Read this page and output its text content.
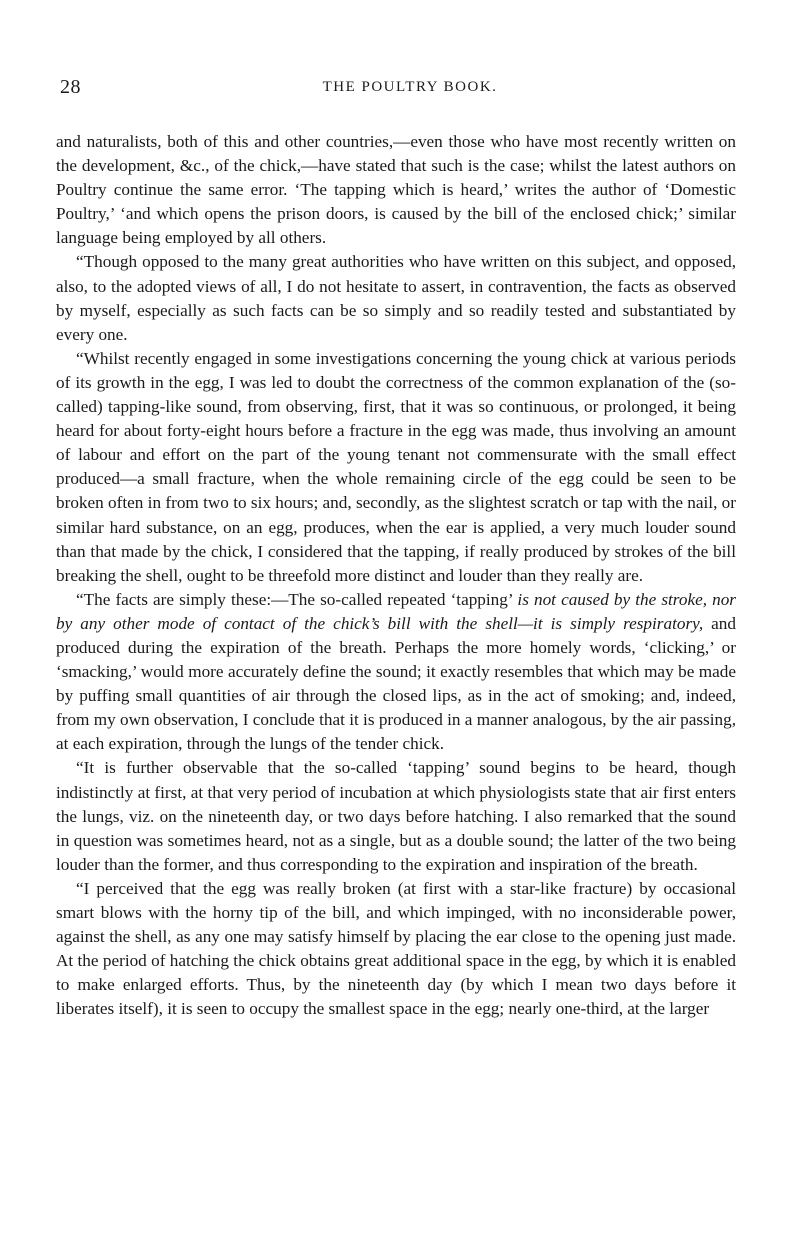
28	THE POULTRY BOOK.

and naturalists, both of this and other countries,—even those who have most recently written on the development, &c., of the chick,—have stated that such is the case; whilst the latest authors on Poultry continue the same error. ‘The tapping which is heard,’ writes the author of ‘Domestic Poultry,’ ‘and which opens the prison doors, is caused by the bill of the enclosed chick;’ similar language being employed by all others.

“Though opposed to the many great authorities who have written on this subject, and opposed, also, to the adopted views of all, I do not hesitate to assert, in contravention, the facts as observed by myself, especially as such facts can be so simply and so readily tested and substantiated by every one.

“Whilst recently engaged in some investigations concerning the young chick at various periods of its growth in the egg, I was led to doubt the correctness of the common explanation of the (so-called) tapping-like sound, from observing, first, that it was so continuous, or prolonged, it being heard for about forty-eight hours before a fracture in the egg was made, thus involving an amount of labour and effort on the part of the young tenant not commensurate with the small effect produced—a small fracture, when the whole remaining circle of the egg could be seen to be broken often in from two to six hours; and, secondly, as the slightest scratch or tap with the nail, or similar hard substance, on an egg, produces, when the ear is applied, a very much louder sound than that made by the chick, I considered that the tapping, if really produced by strokes of the bill breaking the shell, ought to be threefold more distinct and louder than they really are.

“The facts are simply these:—The so-called repeated ‘tapping’ is not caused by the stroke, nor by any other mode of contact of the chick’s bill with the shell—it is simply respiratory, and produced during the expiration of the breath. Perhaps the more homely words, ‘clicking,’ or ‘smacking,’ would more accurately define the sound; it exactly resembles that which may be made by puffing small quantities of air through the closed lips, as in the act of smoking; and, indeed, from my own observation, I conclude that it is produced in a manner analogous, by the air passing, at each expiration, through the lungs of the tender chick.

“It is further observable that the so-called ‘tapping’ sound begins to be heard, though indistinctly at first, at that very period of incubation at which physiologists state that air first enters the lungs, viz. on the nineteenth day, or two days before hatching. I also remarked that the sound in question was sometimes heard, not as a single, but as a double sound; the latter of the two being louder than the former, and thus corresponding to the expiration and inspiration of the breath.

“I perceived that the egg was really broken (at first with a star-like fracture) by occasional smart blows with the horny tip of the bill, and which impinged, with no inconsiderable power, against the shell, as any one may satisfy himself by placing the ear close to the opening just made. At the period of hatching the chick obtains great additional space in the egg, by which it is enabled to make enlarged efforts. Thus, by the nineteenth day (by which I mean two days before it liberates itself), it is seen to occupy the smallest space in the egg; nearly one-third, at the larger
